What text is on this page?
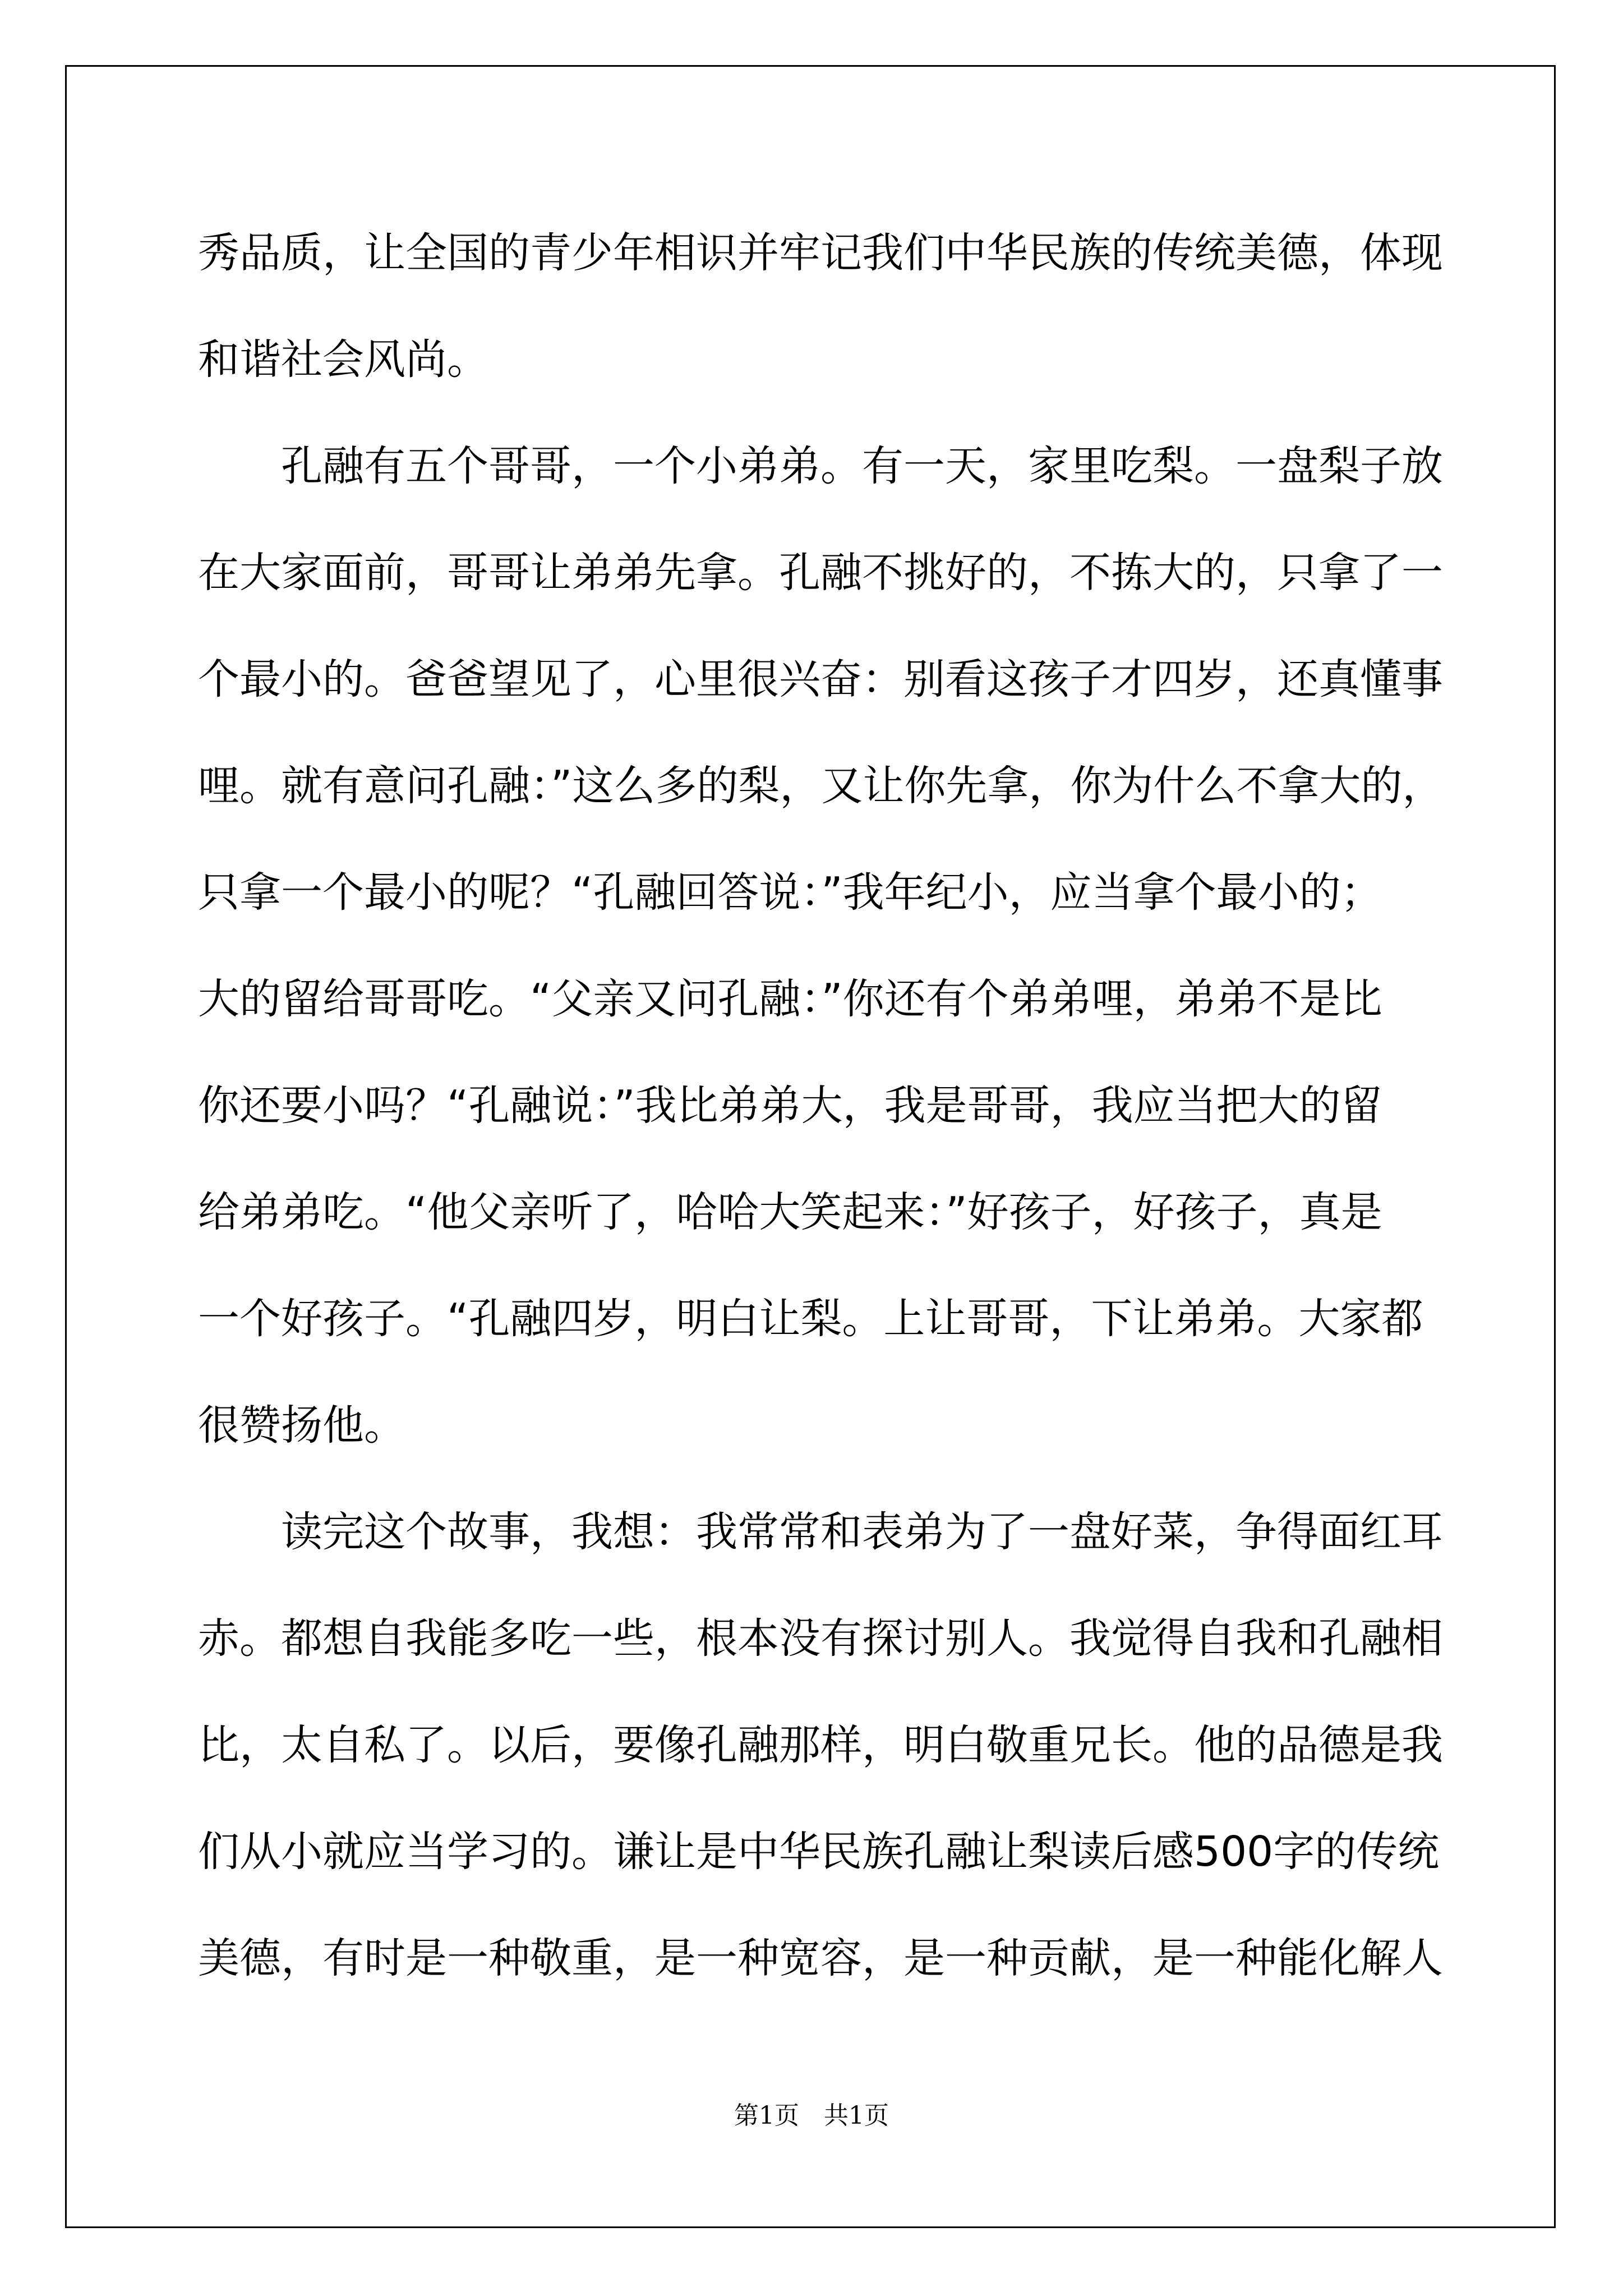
秀品质，让全国的青少年相识并牢记我们中华民族的传统美德，体现
和谐社会风尚。
孔融有五个哥哥，一个小弟弟。有一天，家里吃梨。一盘梨子放
在大家面前，哥哥让弟弟先拿。孔融不挑好的，不拣大的，只拿了一
个最小的。爸爸望见了，心里很兴奋：别看这孩子才四岁，还真懂事
哩。就有意问孔融：”这么多的梨，又让你先拿，你为什么不拿大的，
只拿一个最小的呢？“孔融回答说：”我年纪小，应当拿个最小的；
大的留给哥哥吃。“父亲又问孔融：”你还有个弟弟哩，弟弟不是比
你还要小吗？“孔融说：”我比弟弟大，我是哥哥，我应当把大的留
给弟弟吃。“他父亲听了，哈哈大笑起来：”好孩子，好孩子，真是
一个好孩子。“孔融四岁，明白让梨。上让哥哥，下让弟弟。大家都
很赞扬他。
读完这个故事，我想：我常常和表弟为了一盘好菜，争得面红耳
赤。都想自我能多吃一些，根本没有探讨别人。我觉得自我和孔融相
比，太自私了。以后，要像孔融那样，明白敬重兄长。他的品德是我
们从小就应当学习的。谦让是中华民族孔融让梨读后感500字的传统
美德，有时是一种敬重，是一种宽容，是一种贡献，是一种能化解人
第1页　共1页
